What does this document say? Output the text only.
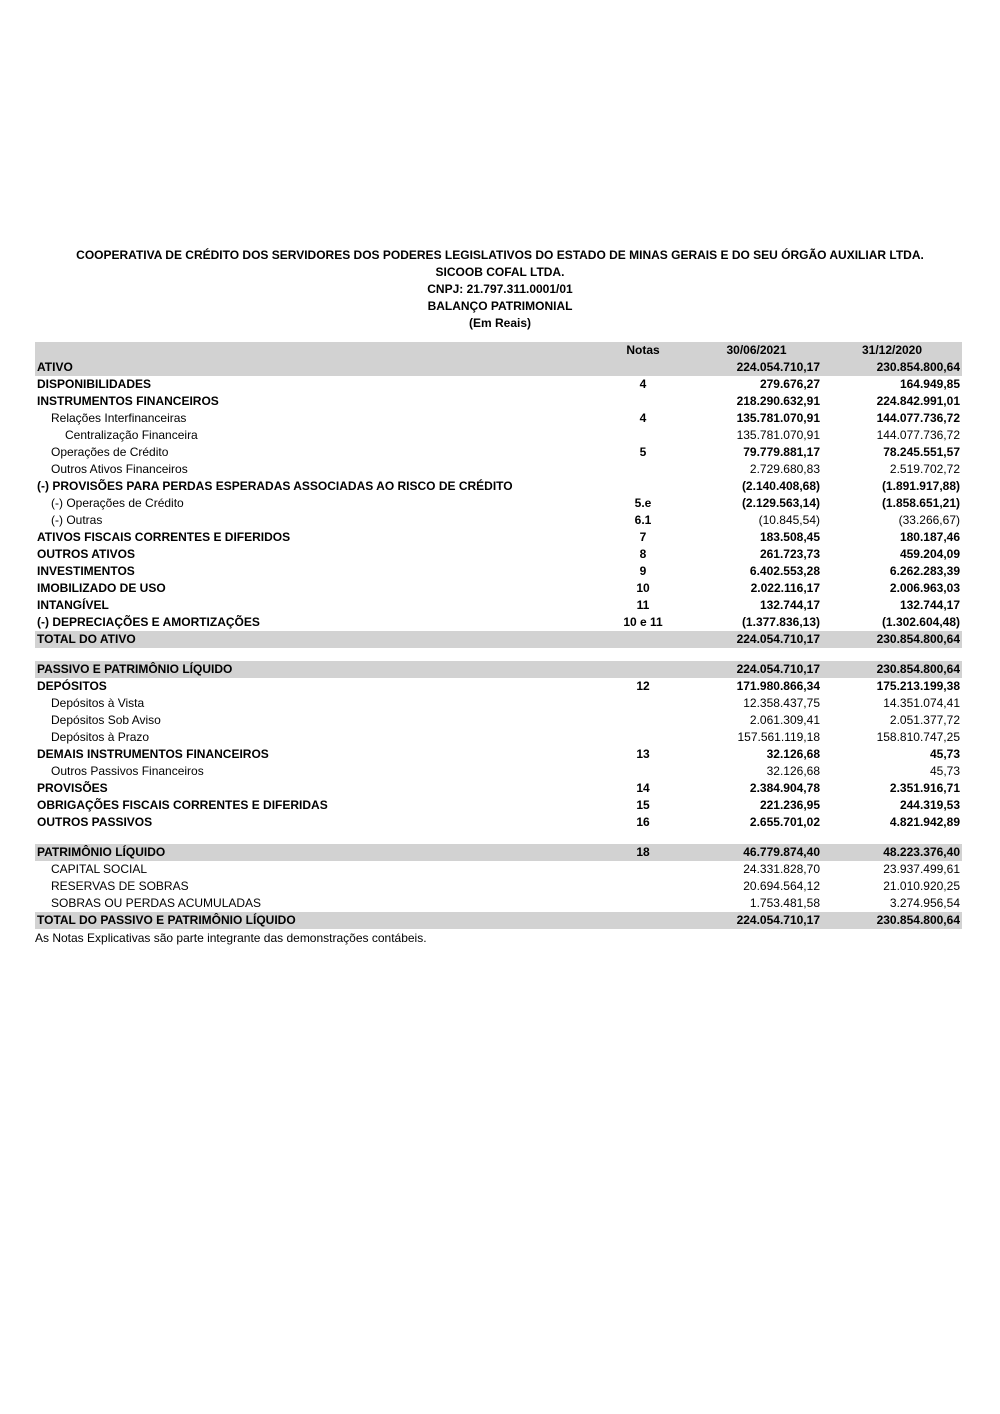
COOPERATIVA DE CRÉDITO DOS SERVIDORES DOS PODERES LEGISLATIVOS DO ESTADO DE MINAS GERAIS E DO SEU ÓRGÃO AUXILIAR LTDA.
SICOOB COFAL LTDA.
CNPJ: 21.797.311.0001/01
BALANÇO PATRIMONIAL
(Em Reais)
	Notas	30/06/2021	31/12/2020
ATIVO		224.054.710,17	230.854.800,64
DISPONIBILIDADES	4	279.676,27	164.949,85
INSTRUMENTOS FINANCEIROS		218.290.632,91	224.842.991,01
Relações Interfinanceiras	4	135.781.070,91	144.077.736,72
Centralização Financeira		135.781.070,91	144.077.736,72
Operações de Crédito	5	79.779.881,17	78.245.551,57
Outros Ativos Financeiros		2.729.680,83	2.519.702,72
(-) PROVISÕES PARA PERDAS ESPERADAS ASSOCIADAS AO RISCO DE CRÉDITO		(2.140.408,68)	(1.891.917,88)
(-) Operações de Crédito	5.e	(2.129.563,14)	(1.858.651,21)
(-) Outras	6.1	(10.845,54)	(33.266,67)
ATIVOS FISCAIS CORRENTES E DIFERIDOS	7	183.508,45	180.187,46
OUTROS ATIVOS	8	261.723,73	459.204,09
INVESTIMENTOS	9	6.402.553,28	6.262.283,39
IMOBILIZADO DE USO	10	2.022.116,17	2.006.963,03
INTANGÍVEL	11	132.744,17	132.744,17
(-) DEPRECIAÇÕES E AMORTIZAÇÕES	10 e 11	(1.377.836,13)	(1.302.604,48)
TOTAL DO ATIVO		224.054.710,17	230.854.800,64

PASSIVO E PATRIMÔNIO LÍQUIDO		224.054.710,17	230.854.800,64
DEPÓSITOS	12	171.980.866,34	175.213.199,38
Depósitos à Vista		12.358.437,75	14.351.074,41
Depósitos Sob Aviso		2.061.309,41	2.051.377,72
Depósitos à Prazo		157.561.119,18	158.810.747,25
DEMAIS INSTRUMENTOS FINANCEIROS	13	32.126,68	45,73
Outros Passivos Financeiros		32.126,68	45,73
PROVISÕES	14	2.384.904,78	2.351.916,71
OBRIGAÇÕES FISCAIS CORRENTES E DIFERIDAS	15	221.236,95	244.319,53
OUTROS PASSIVOS	16	2.655.701,02	4.821.942,89

PATRIMÔNIO LÍQUIDO	18	46.779.874,40	48.223.376,40
CAPITAL SOCIAL		24.331.828,70	23.937.499,61
RESERVAS DE SOBRAS		20.694.564,12	21.010.920,25
SOBRAS OU PERDAS ACUMULADAS		1.753.481,58	3.274.956,54
TOTAL DO PASSIVO E PATRIMÔNIO LÍQUIDO		224.054.710,17	230.854.800,64
As Notas Explicativas são parte integrante das demonstrações contábeis.
